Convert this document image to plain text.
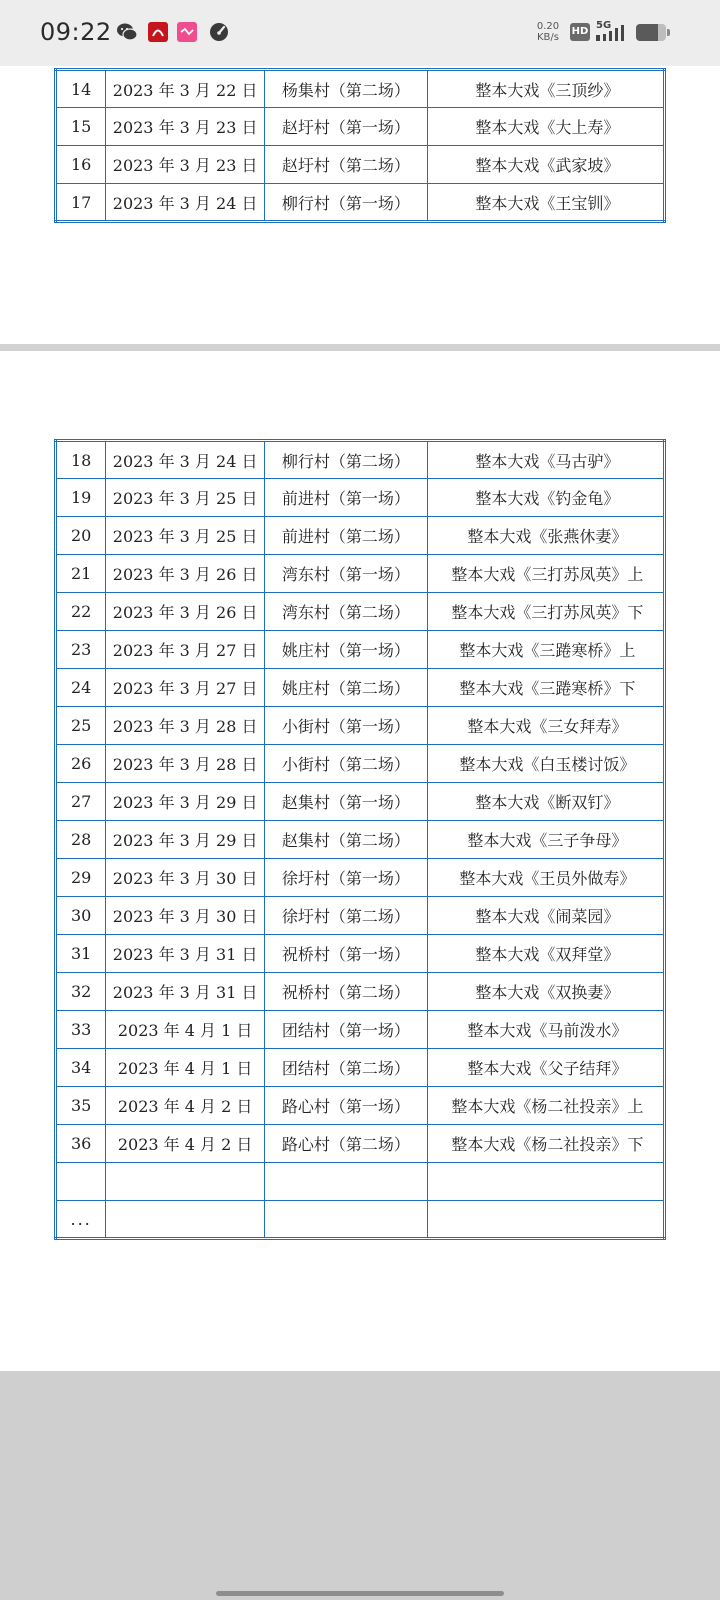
09:22	0.20
KB/s
HD
5G
14	2023 年 3 月 22 日	杨集村（第二场）	整本大戏《三顶纱》
15	2023 年 3 月 23 日	赵圩村（第一场）	整本大戏《大上寿》
16	2023 年 3 月 23 日	赵圩村（第二场）	整本大戏《武家坡》
17	2023 年 3 月 24 日	柳行村（第一场）	整本大戏《王宝钏》
18	2023 年 3 月 24 日	柳行村（第二场）	整本大戏《马古驴》
19	2023 年 3 月 25 日	前进村（第一场）	整本大戏《钓金龟》
20	2023 年 3 月 25 日	前进村（第二场）	整本大戏《张燕休妻》
21	2023 年 3 月 26 日	湾东村（第一场）	整本大戏《三打苏凤英》上
22	2023 年 3 月 26 日	湾东村（第二场）	整本大戏《三打苏凤英》下
23	2023 年 3 月 27 日	姚庄村（第一场）	整本大戏《三踡寒桥》上
24	2023 年 3 月 27 日	姚庄村（第二场）	整本大戏《三踡寒桥》下
25	2023 年 3 月 28 日	小街村（第一场）	整本大戏《三女拜寿》
26	2023 年 3 月 28 日	小街村（第二场）	整本大戏《白玉楼讨饭》
27	2023 年 3 月 29 日	赵集村（第一场）	整本大戏《断双钉》
28	2023 年 3 月 29 日	赵集村（第二场）	整本大戏《三子争母》
29	2023 年 3 月 30 日	徐圩村（第一场）	整本大戏《王员外做寿》
30	2023 年 3 月 30 日	徐圩村（第二场）	整本大戏《闹菜园》
31	2023 年 3 月 31 日	祝桥村（第一场）	整本大戏《双拜堂》
32	2023 年 3 月 31 日	祝桥村（第二场）	整本大戏《双换妻》
33	2023 年 4 月 1 日	团结村（第一场）	整本大戏《马前泼水》
34	2023 年 4 月 1 日	团结村（第二场）	整本大戏《父子结拜》
35	2023 年 4 月 2 日	路心村（第一场）	整本大戏《杨二社投亲》上
36	2023 年 4 月 2 日	路心村（第二场）	整本大戏《杨二社投亲》下

...			
